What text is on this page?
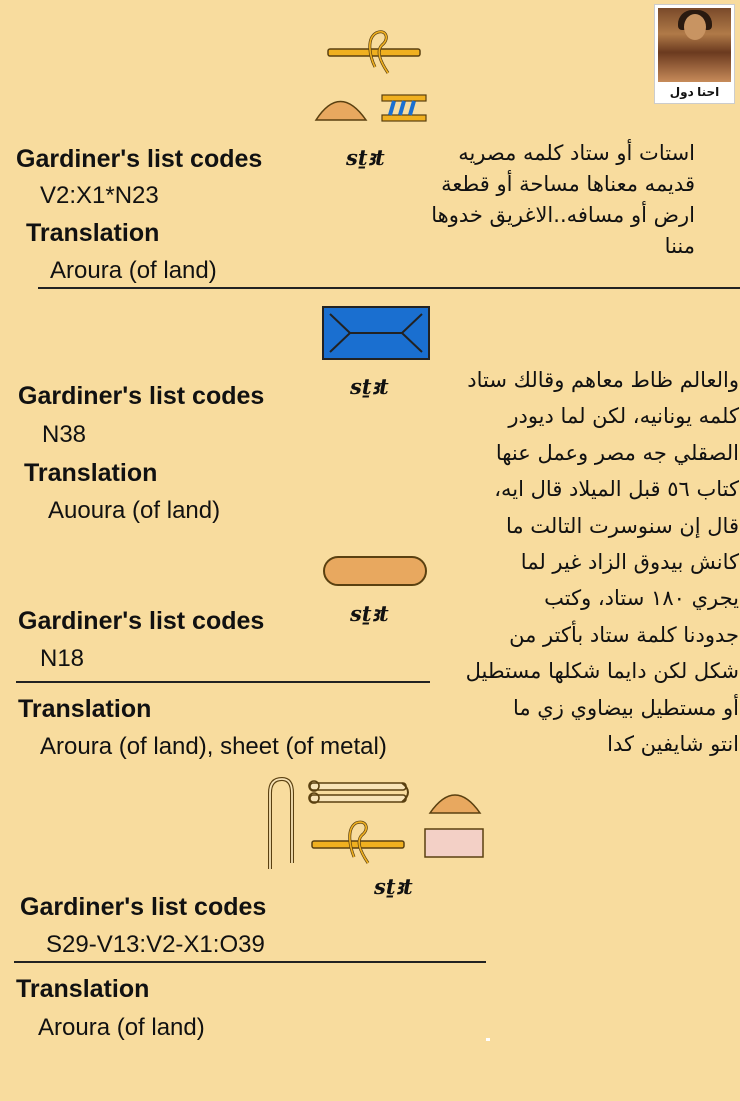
احنا دول
sṯꜣt
Gardiner's list codes
V2:X1*N23
Translation
Aroura (of land)
استات أو ستاد كلمه مصريه
قديمه معناها مساحة أو قطعة
ارض أو مسافه..الاغريق خدوها
مننا
sṯꜣt
Gardiner's list codes
N38
Translation
Auoura (of land)
sṯꜣt
Gardiner's list codes
N18
Translation
Aroura (of land), sheet (of metal)
والعالم ظاط معاهم وقالك ستاد
كلمه يونانيه، لكن لما ديودر
الصقلي جه مصر وعمل عنها
كتاب ٥٦ قبل الميلاد قال ايه،
قال إن سنوسرت التالت ما
كانش بيدوق الزاد غير لما
يجري ١٨٠ ستاد، وكتب
جدودنا كلمة ستاد بأكتر من
شكل لكن دايما شكلها مستطيل
أو مستطيل بيضاوي زي ما
انتو شايفين كدا
sṯꜣt
Gardiner's list codes
S29-V13:V2-X1:O39
Translation
Aroura (of land)
